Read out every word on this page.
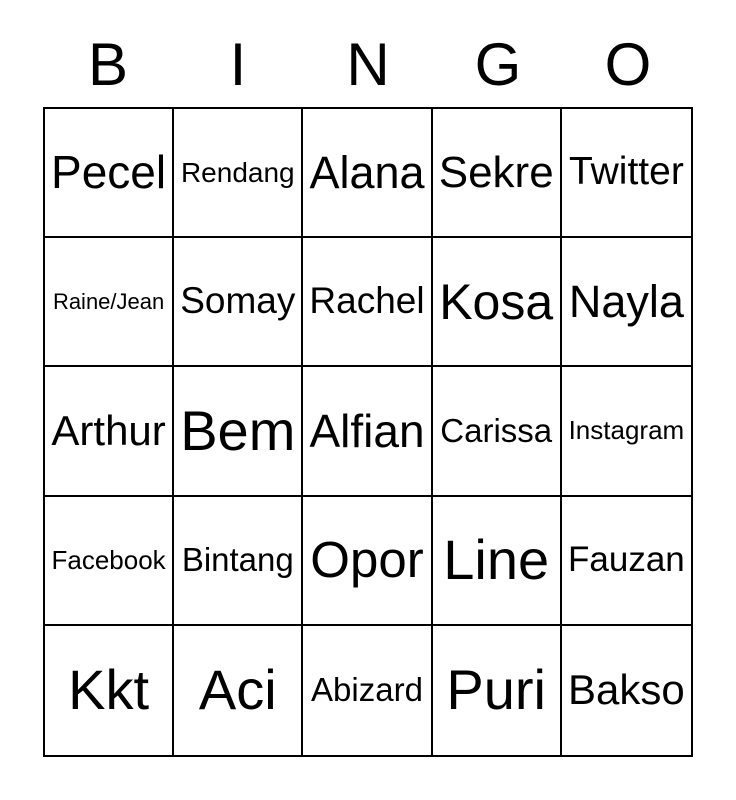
B	I	N	G	O
Pecel Rendang Alana Sekre Twitter
Raine/Jean Somay Rachel Kosa Nayla
Arthur Bem Alfian Carissa Instagram
Facebook Bintang Opor Line Fauzan
Kkt Aci Abizard Puri Bakso
